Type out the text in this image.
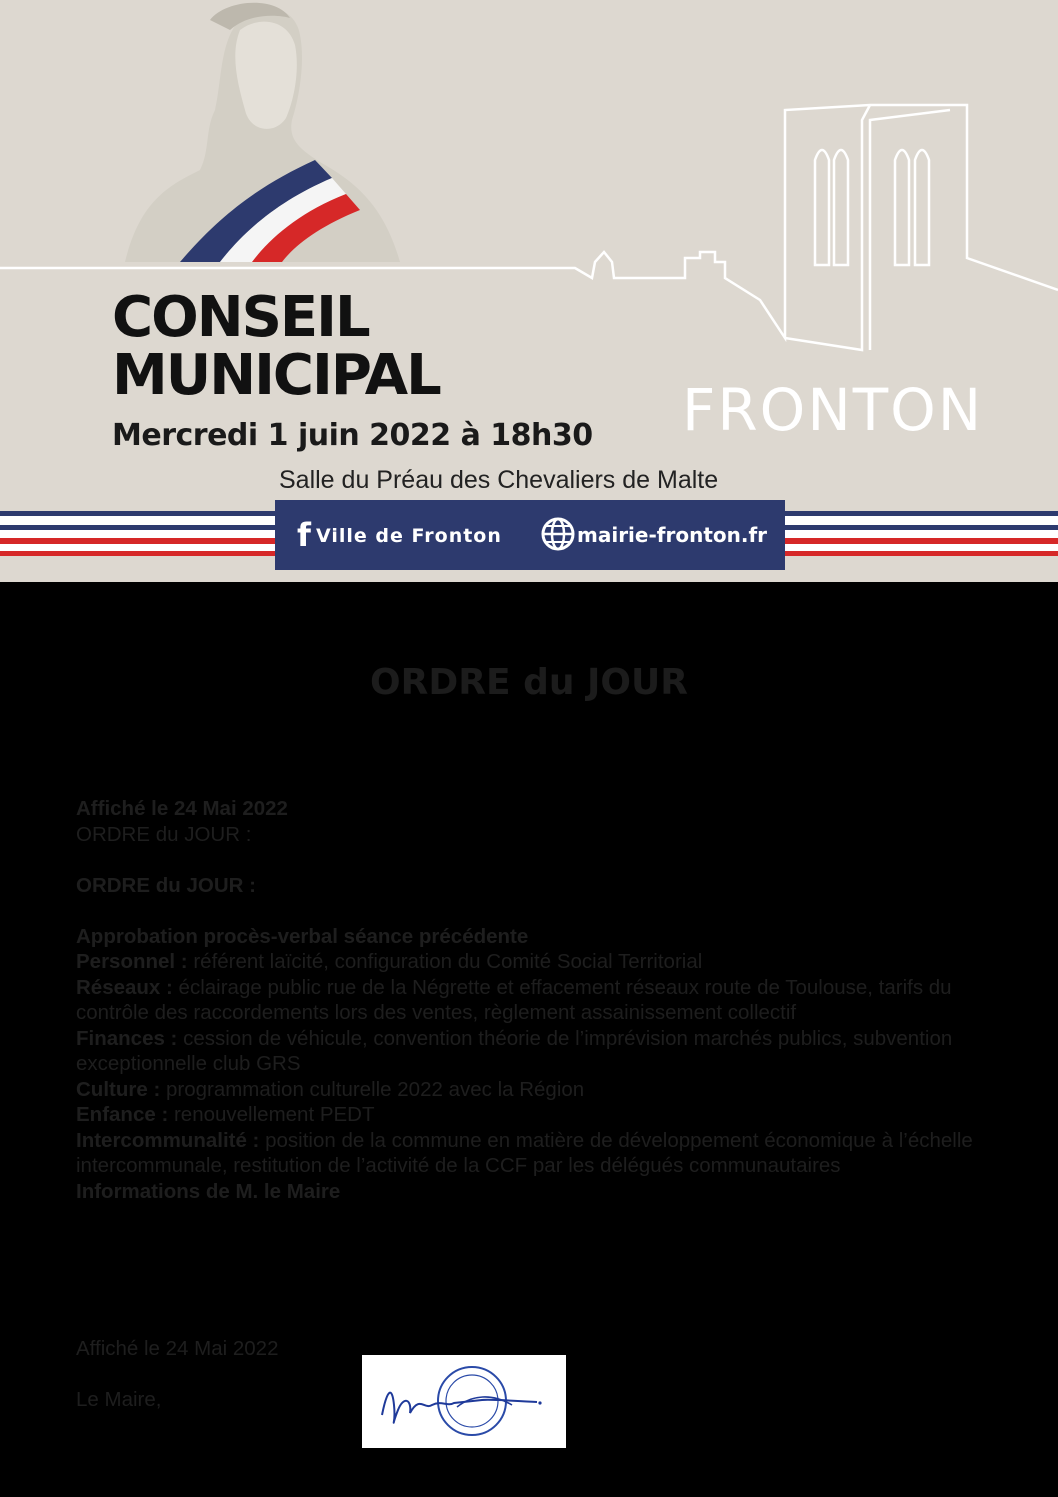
CONSEIL
MUNICIPAL
Mercredi 1 juin 2022 à 18h30
Salle du Préau des Chevaliers de Malte
FRONTON
f Ville de Fronton	mairie-fronton.fr
ORDRE du JOUR

Affiché le 24 Mai 2022

ORDRE du JOUR :

ORDRE du JOUR :

Approbation procès-verbal séance précédente

Personnel : référent laïcité, configuration du Comité Social Territorial

Réseaux : éclairage public rue de la Négrette et effacement réseaux route de Toulouse, tarifs du contrôle des raccordements lors des ventes, règlement assainissement collectif

Finances : cession de véhicule, convention théorie de l’imprévision marchés publics, subvention exceptionnelle club GRS

Culture : programmation culturelle 2022 avec la Région

Enfance : renouvellement PEDT

Intercommunalité : position de la commune en matière de développement économique à l’échelle intercommunale, restitution de l’activité de la CCF par les délégués communautaires

Informations de M. le Maire

Affiché le 24 Mai 2022
Le Maire,
